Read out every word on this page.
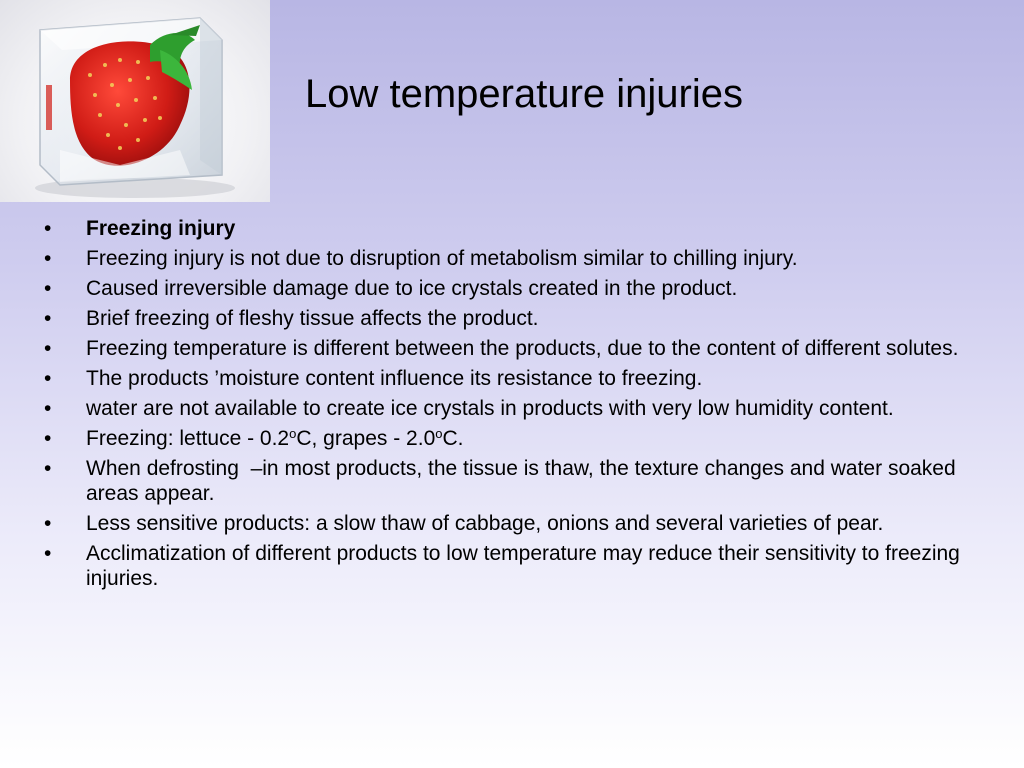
Low temperature injuries
•	Freezing injury
•	Freezing injury is not due to disruption of metabolism similar to chilling injury.
•	Caused irreversible damage due to ice crystals created in the product.
•	Brief freezing of fleshy tissue affects the product.
•	Freezing temperature is different between the products, due to the content of different solutes.
•	The products ’moisture content influence its resistance to freezing.
•	water are not available to create ice crystals in products with very low humidity content.
•	Freezing: lettuce - 0.2$^o$C, grapes - 2.0$^o$C.
•	When defrosting  –in most products, the tissue is thaw, the texture changes and water soaked areas appear.
•	Less sensitive products: a slow thaw of cabbage, onions and several varieties of pear.
•	Acclimatization of different products to low temperature may reduce their sensitivity to freezing injuries.
